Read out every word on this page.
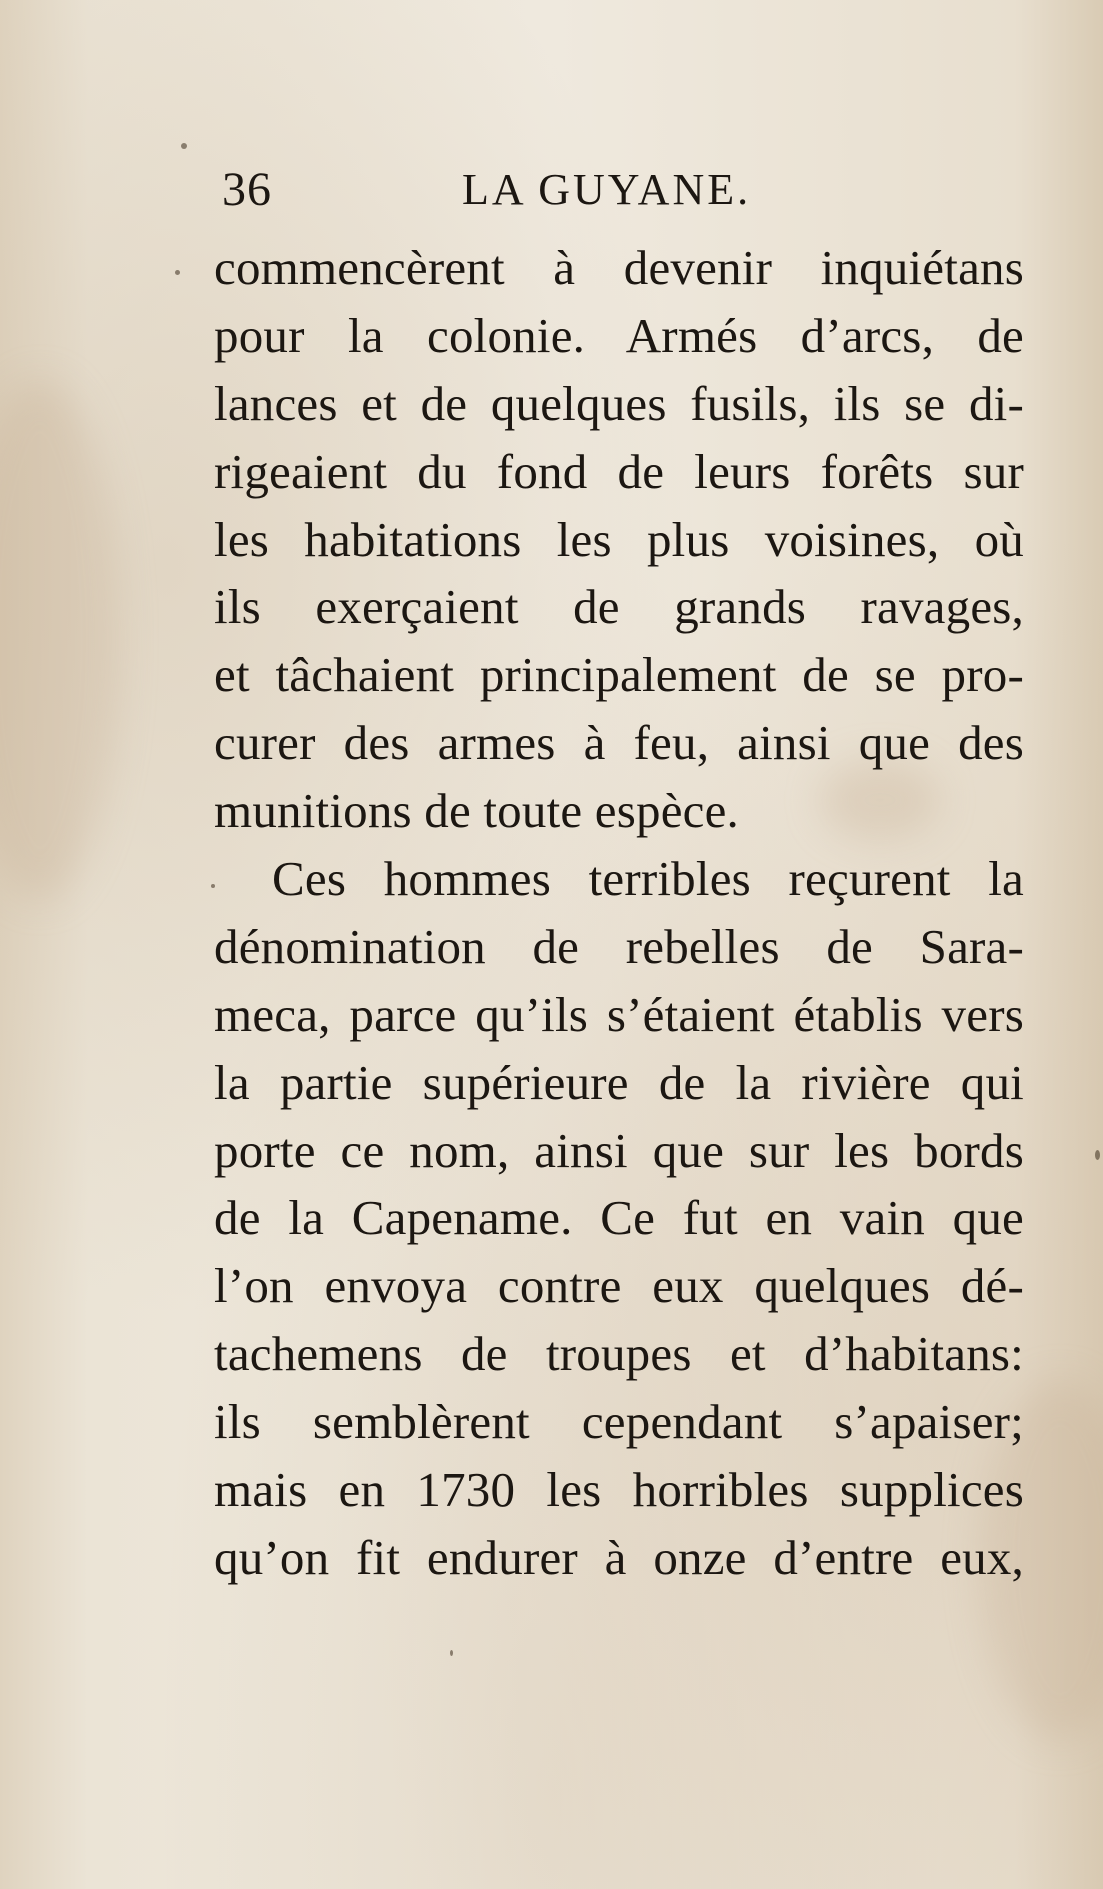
36	LA GUYANE.
commencèrent à devenir inquiétans
pour la colonie. Armés d’arcs, de
lances et de quelques fusils, ils se di-
rigeaient du fond de leurs forêts sur
les habitations les plus voisines, où
ils exerçaient de grands ravages,
et tâchaient principalement de se pro-
curer des armes à feu, ainsi que des
munitions de toute espèce.
Ces hommes terribles reçurent la
dénomination de rebelles de Sara-
meca, parce qu’ils s’étaient établis vers
la partie supérieure de la rivière qui
porte ce nom, ainsi que sur les bords
de la Capename. Ce fut en vain que
l’on envoya contre eux quelques dé-
tachemens de troupes et d’habitans:
ils semblèrent cependant s’apaiser;
mais en 1730 les horribles supplices
qu’on fit endurer à onze d’entre eux,
